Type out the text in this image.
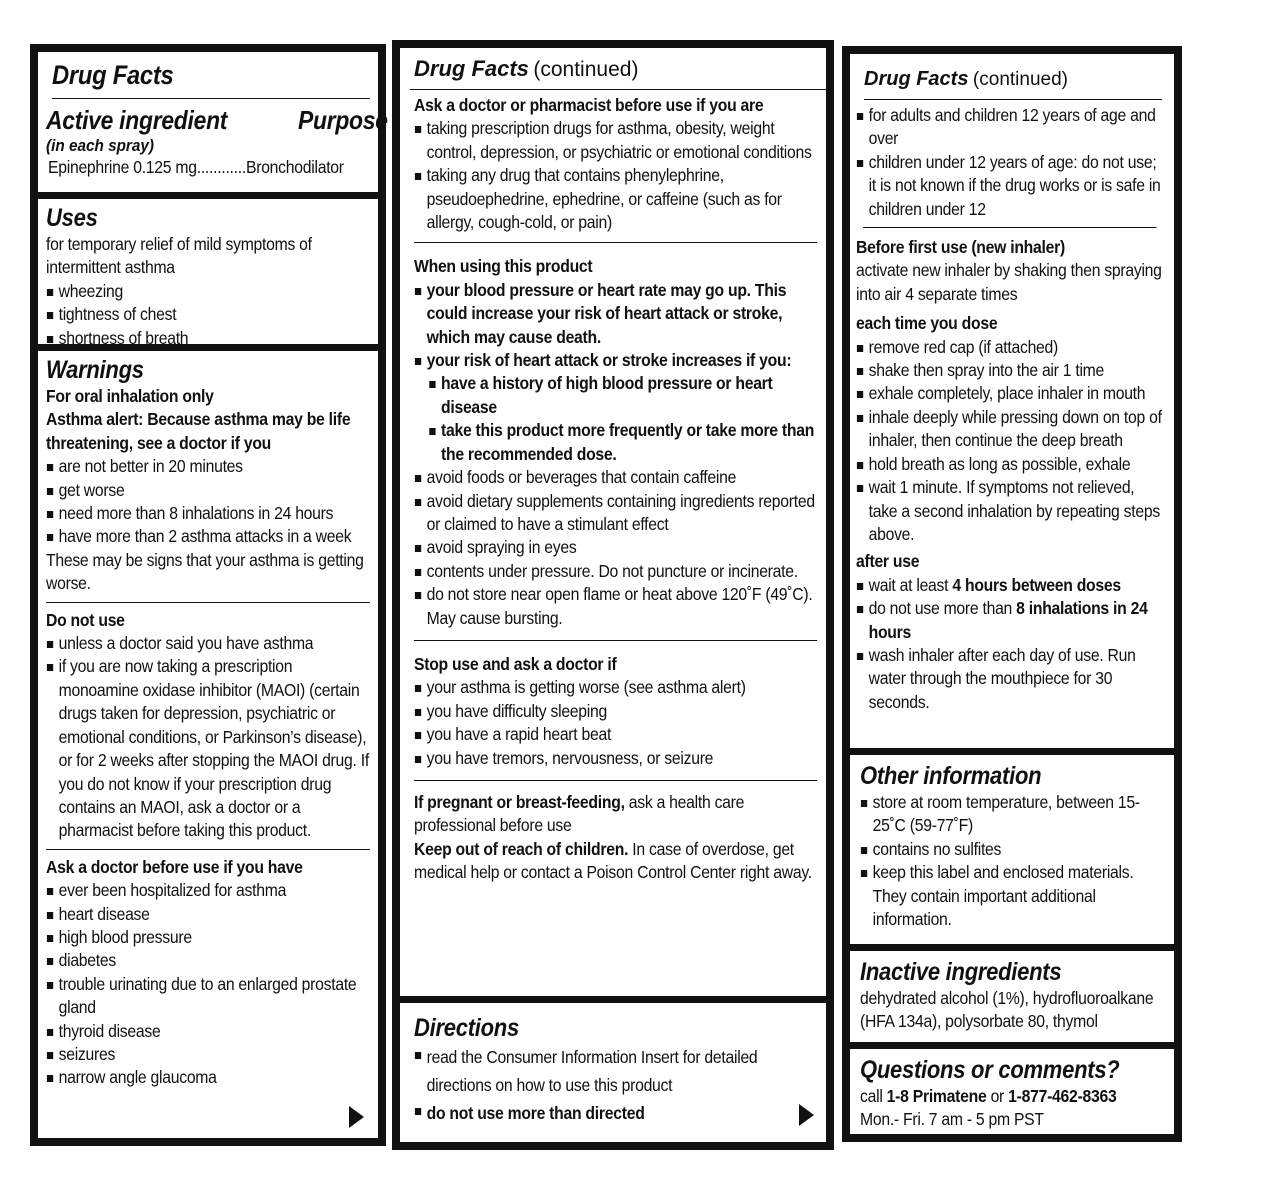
Drug Facts
Active ingredient	Purpose
(in each spray)
Epinephrine 0.125 mg............Bronchodilator
Uses
for temporary relief of mild symptoms of intermittent asthma
wheezing
tightness of chest
shortness of breath
Warnings
For oral inhalation only
Asthma alert: Because asthma may be life threatening, see a doctor if you
are not better in 20 minutes
get worse
need more than 8 inhalations in 24 hours
have more than 2 asthma attacks in a week
These may be signs that your asthma is getting worse.
Do not use
unless a doctor said you have asthma
if you are now taking a prescription monoamine oxidase inhibitor (MAOI) (certain drugs taken for depression, psychiatric or emotional conditions, or Parkinson’s disease), or for 2 weeks after stopping the MAOI drug. If you do not know if your prescription drug contains an MAOI, ask a doctor or a pharmacist before taking this product.
Ask a doctor before use if you have
ever been hospitalized for asthma
heart disease
high blood pressure
diabetes
trouble urinating due to an enlarged prostate gland
thyroid disease
seizures
narrow angle glaucoma
Drug Facts (continued)
Ask a doctor or pharmacist before use if you are
taking prescription drugs for asthma, obesity, weight control, depression, or psychiatric or emotional conditions
taking any drug that contains phenylephrine, pseudoephedrine, ephedrine, or caffeine (such as for allergy, cough-cold, or pain)
When using this product
your blood pressure or heart rate may go up. This could increase your risk of heart attack or stroke, which may cause death.
your risk of heart attack or stroke increases if you:
have a history of high blood pressure or heart disease
take this product more frequently or take more than the recommended dose.
avoid foods or beverages that contain caffeine
avoid dietary supplements containing ingredients reported or claimed to have a stimulant effect
avoid spraying in eyes
contents under pressure. Do not puncture or incinerate.
do not store near open flame or heat above 120˚F (49˚C). May cause bursting.
Stop use and ask a doctor if
your asthma is getting worse (see asthma alert)
you have difficulty sleeping
you have a rapid heart beat
you have tremors, nervousness, or seizure
If pregnant or breast-feeding, ask a health care professional before use
Keep out of reach of children. In case of overdose, get medical help or contact a Poison Control Center right away.
Directions
read the Consumer Information Insert for detailed directions on how to use this product
do not use more than directed
Drug Facts (continued)
for adults and children 12 years of age and over
children under 12 years of age: do not use; it is not known if the drug works or is safe in children under 12
Before first use (new inhaler)
activate new inhaler by shaking then spraying into air 4 separate times
each time you dose
remove red cap (if attached)
shake then spray into the air 1 time
exhale completely, place inhaler in mouth
inhale deeply while pressing down on top of inhaler, then continue the deep breath
hold breath as long as possible, exhale
wait 1 minute. If symptoms not relieved, take a second inhalation by repeating steps above.
after use
wait at least 4 hours between doses
do not use more than 8 inhalations in 24 hours
wash inhaler after each day of use. Run water through the mouthpiece for 30 seconds.
Other information
store at room temperature, between 15-25˚C (59-77˚F)
contains no sulfites
keep this label and enclosed materials. They contain important additional information.
Inactive ingredients
dehydrated alcohol (1%), hydrofluoroalkane (HFA 134a), polysorbate 80, thymol
Questions or comments?
call 1-8 Primatene or 1-877-462-8363
Mon.- Fri. 7 am - 5 pm PST
